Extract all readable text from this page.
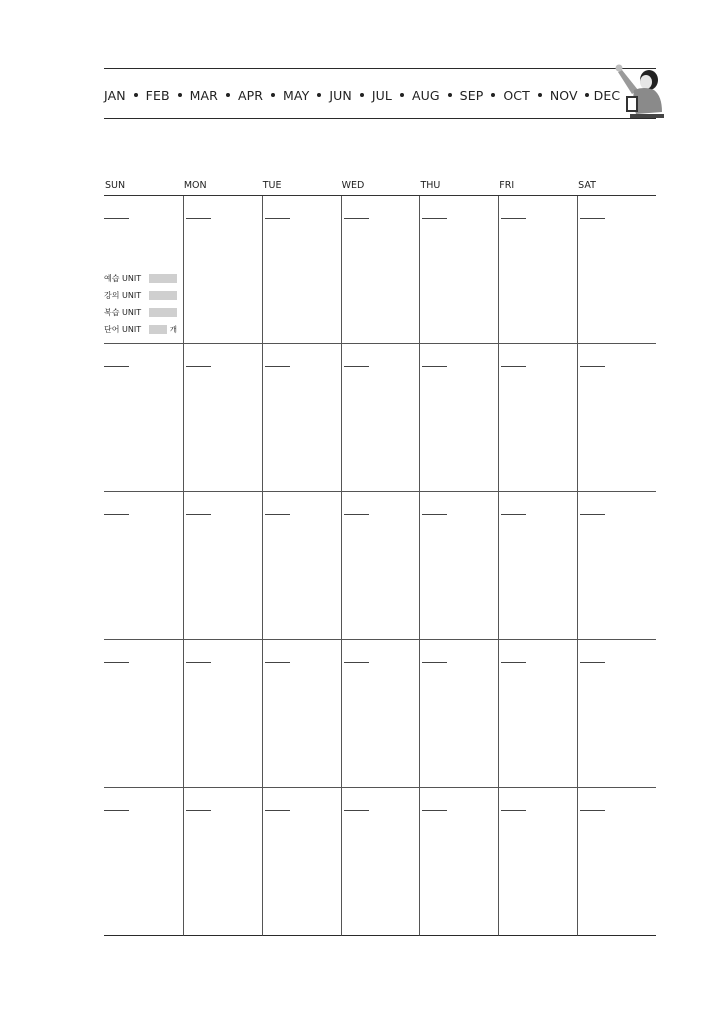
JAN FEB MAR APR MAY JUN JUL AUG SEP OCT NOV DEC
SUN	MON	TUE	WED	THU	FRI	SAT
예습 UNIT
강의 UNIT
복습 UNIT
단어 UNIT	개
